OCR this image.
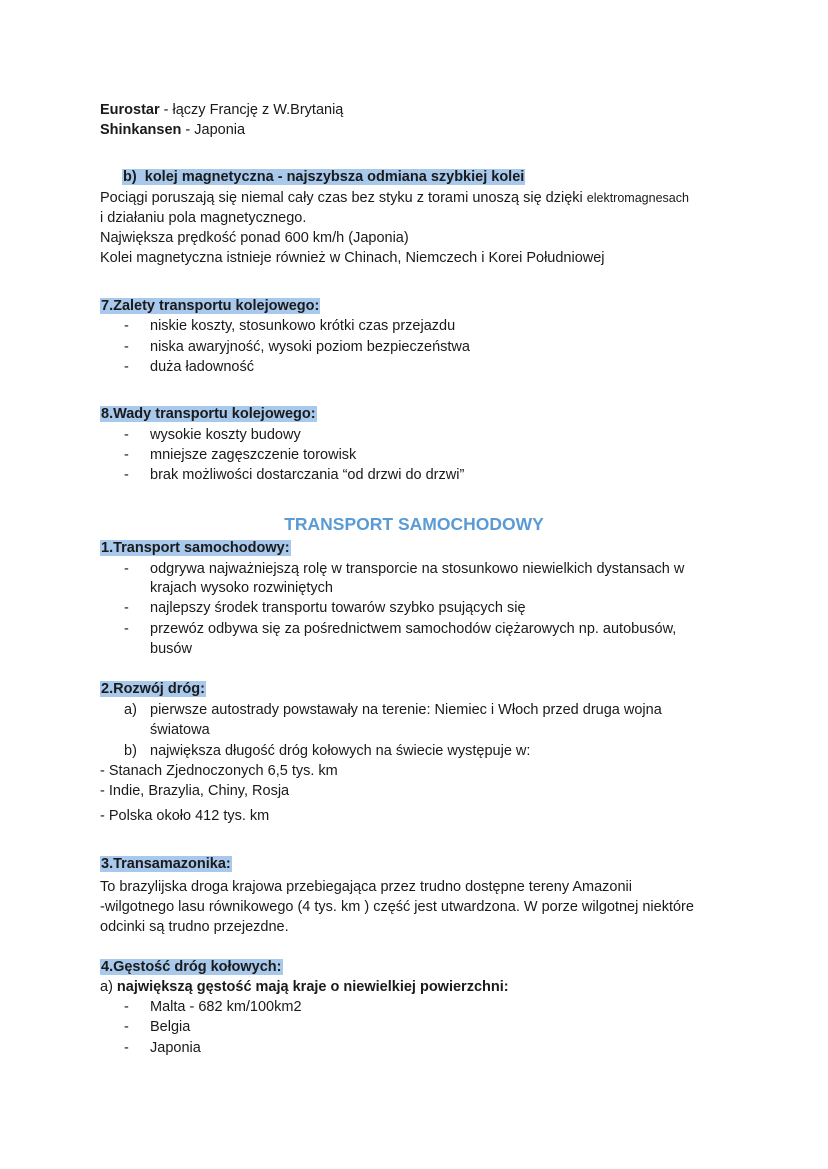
Eurostar - łączy Francję z W.Brytanią
Shinkansen - Japonia
b) kolej magnetyczna - najszybsza odmiana szybkiej kolei
Pociągi poruszają się niemal cały czas bez styku z torami unoszą się dzięki elektromagnesach
i działaniu pola magnetycznego.
Największa prędkość ponad 600 km/h (Japonia)
Kolei magnetyczna istnieje również w Chinach, Niemczech i Korei Południowej
7.Zalety transportu kolejowego:
- niskie koszty, stosunkowo krótki czas przejazdu
- niska awaryjność, wysoki poziom bezpieczeństwa
- duża ładowność
8.Wady transportu kolejowego:
- wysokie koszty budowy
- mniejsze zagęszczenie torowisk
- brak możliwości dostarczania “od drzwi do drzwi”
TRANSPORT SAMOCHODOWY
1.Transport samochodowy:
- odgrywa najważniejszą rolę w transporcie na stosunkowo niewielkich dystansach w
krajach wysoko rozwiniętych
- najlepszy środek transportu towarów szybko psujących się
- przewóz odbywa się za pośrednictwem samochodów ciężarowych np. autobusów,
busów
2.Rozwój dróg:
a) pierwsze autostrady powstawały na terenie: Niemiec i Włoch przed druga wojna
światowa
b) największa długość dróg kołowych na świecie występuje w:
- Stanach Zjednoczonych 6,5 tys. km
- Indie, Brazylia, Chiny, Rosja
- Polska około 412 tys. km
3.Transamazonika:
To brazylijska droga krajowa przebiegająca przez trudno dostępne tereny Amazonii
-wilgotnego lasu równikowego (4 tys. km ) część jest utwardzona. W porze wilgotnej niektóre
odcinki są trudno przejezdne.
4.Gęstość dróg kołowych:
a) największą gęstość mają kraje o niewielkiej powierzchni:
- Malta - 682 km/100km2
- Belgia
- Japonia
